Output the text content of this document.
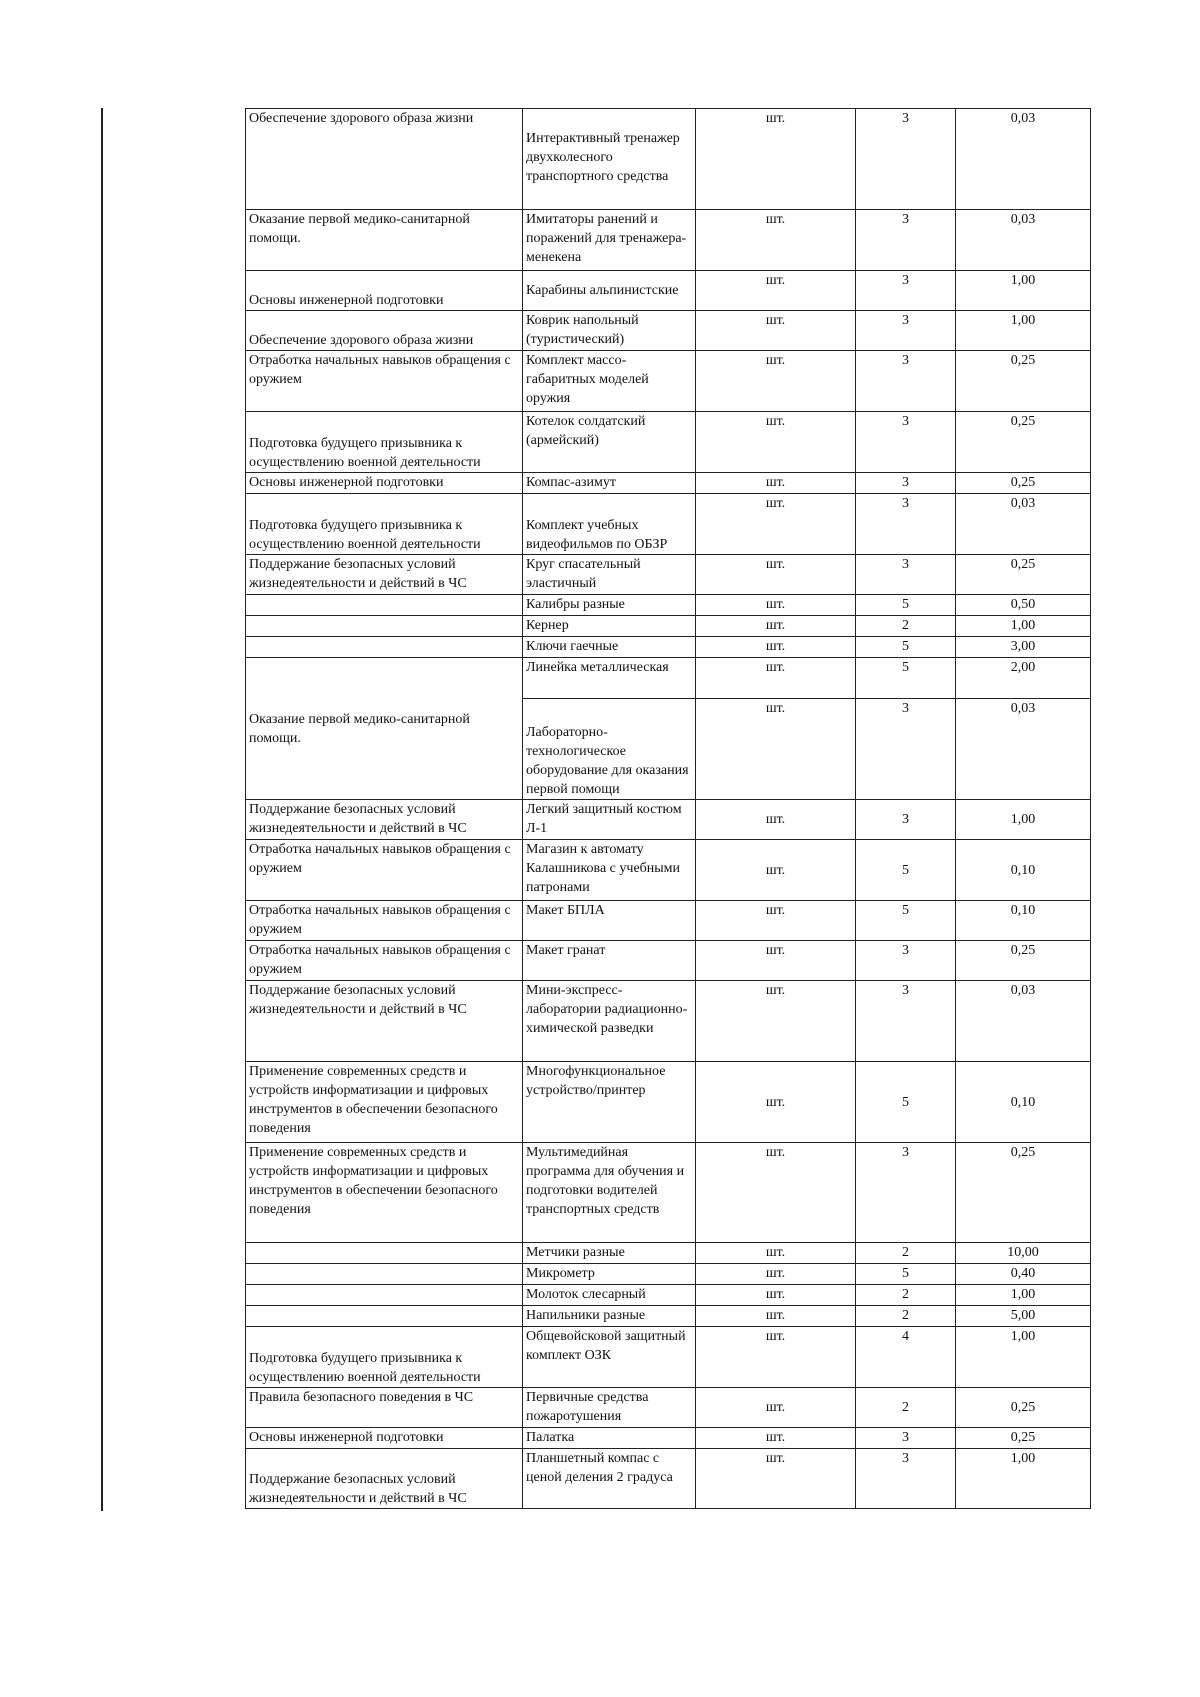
Обеспечение здорового образа жизни	Интерактивный тренажер двухколесного транспортного средства	шт.	3	0,03
Оказание первой медико-санитарной помощи.	Имитаторы ранений и поражений для тренажера-менекена	шт.	3	0,03
Основы инженерной подготовки	Карабины альпинистские	шт.	3	1,00
Обеспечение здорового образа жизни	Коврик напольный (туристический)	шт.	3	1,00
Отработка начальных навыков обращения с оружием	Комплект массо-габаритных моделей оружия	шт.	3	0,25
Подготовка будущего призывника к осуществлению военной деятельности	Котелок солдатский (армейский)	шт.	3	0,25
Основы инженерной подготовки	Компас-азимут	шт.	3	0,25
Подготовка будущего призывника к осуществлению военной деятельности	Комплект учебных видеофильмов по ОБЗР	шт.	3	0,03
Поддержание безопасных условий жизнедеятельности и действий в ЧС	Круг спасательный эластичный	шт.	3	0,25
	Калибры разные	шт.	5	0,50
	Кернер	шт.	2	1,00
	Ключи гаечные	шт.	5	3,00
Оказание первой медико-санитарной помощи.	Линейка металлическая	шт.	5	2,00
	Лабораторно-технологическое оборудование для оказания первой помощи	шт.	3	0,03
Поддержание безопасных условий жизнедеятельности и действий в ЧС	Легкий защитный костюм Л-1	шт.	3	1,00
Отработка начальных навыков обращения с оружием	Магазин к автомату Калашникова с учебными патронами	шт.	5	0,10
Отработка начальных навыков обращения с оружием	Макет БПЛА	шт.	5	0,10
Отработка начальных навыков обращения с оружием	Макет гранат	шт.	3	0,25
Поддержание безопасных условий жизнедеятельности и действий в ЧС	Мини-экспресс-лаборатории радиационно-химической разведки	шт.	3	0,03
Применение современных средств и устройств информатизации и цифровых инструментов в обеспечении безопасного поведения	Многофункциональное устройство/принтер	шт.	5	0,10
Применение современных средств и устройств информатизации и цифровых инструментов в обеспечении безопасного поведения	Мультимедийная программа для обучения и подготовки водителей транспортных средств	шт.	3	0,25
	Метчики разные	шт.	2	10,00
	Микрометр	шт.	5	0,40
	Молоток слесарный	шт.	2	1,00
	Напильники разные	шт.	2	5,00
Подготовка будущего призывника к осуществлению военной деятельности	Общевойсковой защитный комплект ОЗК	шт.	4	1,00
Правила безопасного поведения в ЧС	Первичные средства пожаротушения	шт.	2	0,25
Основы инженерной подготовки	Палатка	шт.	3	0,25
Поддержание безопасных условий жизнедеятельности и действий в ЧС	Планшетный компас с ценой деления 2 градуса	шт.	3	1,00
